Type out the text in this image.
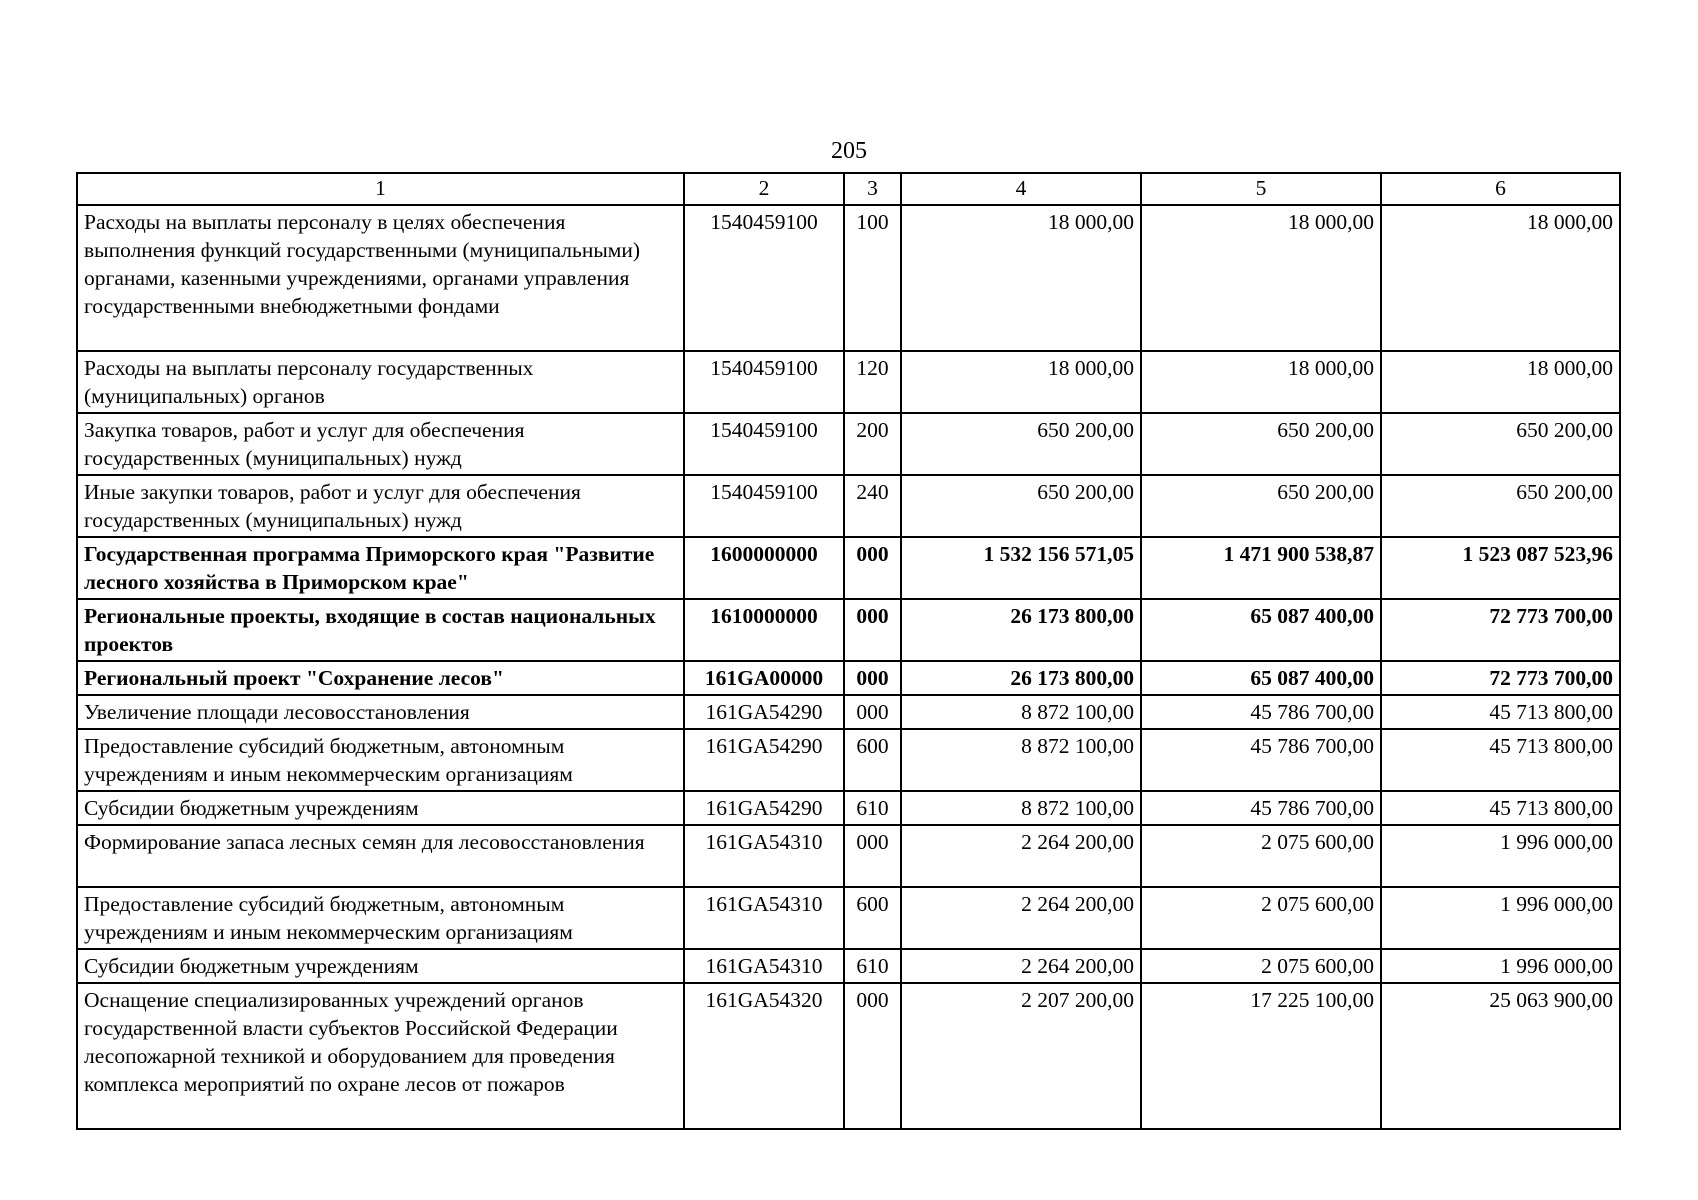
205
1	2	3	4	5	6
Расходы на выплаты персоналу в целях обеспечения выполнения функций государственными (муниципальными) органами, казенными учреждениями, органами управления государственными внебюджетными фондами	1540459100	100	18 000,00	18 000,00	18 000,00
Расходы на выплаты персоналу государственных (муниципальных) органов	1540459100	120	18 000,00	18 000,00	18 000,00
Закупка товаров, работ и услуг для обеспечения государственных (муниципальных) нужд	1540459100	200	650 200,00	650 200,00	650 200,00
Иные закупки товаров, работ и услуг для обеспечения государственных (муниципальных) нужд	1540459100	240	650 200,00	650 200,00	650 200,00
Государственная программа Приморского края "Развитие лесного хозяйства в Приморском крае"	1600000000	000	1 532 156 571,05	1 471 900 538,87	1 523 087 523,96
Региональные проекты, входящие в состав национальных проектов	1610000000	000	26 173 800,00	65 087 400,00	72 773 700,00
Региональный проект "Сохранение лесов"	161GA00000	000	26 173 800,00	65 087 400,00	72 773 700,00
Увеличение площади лесовосстановления	161GA54290	000	8 872 100,00	45 786 700,00	45 713 800,00
Предоставление субсидий бюджетным, автономным учреждениям и иным некоммерческим организациям	161GA54290	600	8 872 100,00	45 786 700,00	45 713 800,00
Субсидии бюджетным учреждениям	161GA54290	610	8 872 100,00	45 786 700,00	45 713 800,00
Формирование запаса лесных семян для лесовосстановления	161GA54310	000	2 264 200,00	2 075 600,00	1 996 000,00
Предоставление субсидий бюджетным, автономным учреждениям и иным некоммерческим организациям	161GA54310	600	2 264 200,00	2 075 600,00	1 996 000,00
Субсидии бюджетным учреждениям	161GA54310	610	2 264 200,00	2 075 600,00	1 996 000,00
Оснащение специализированных учреждений органов государственной власти субъектов Российской Федерации лесопожарной техникой и оборудованием для проведения комплекса мероприятий по охране лесов от пожаров	161GA54320	000	2 207 200,00	17 225 100,00	25 063 900,00
